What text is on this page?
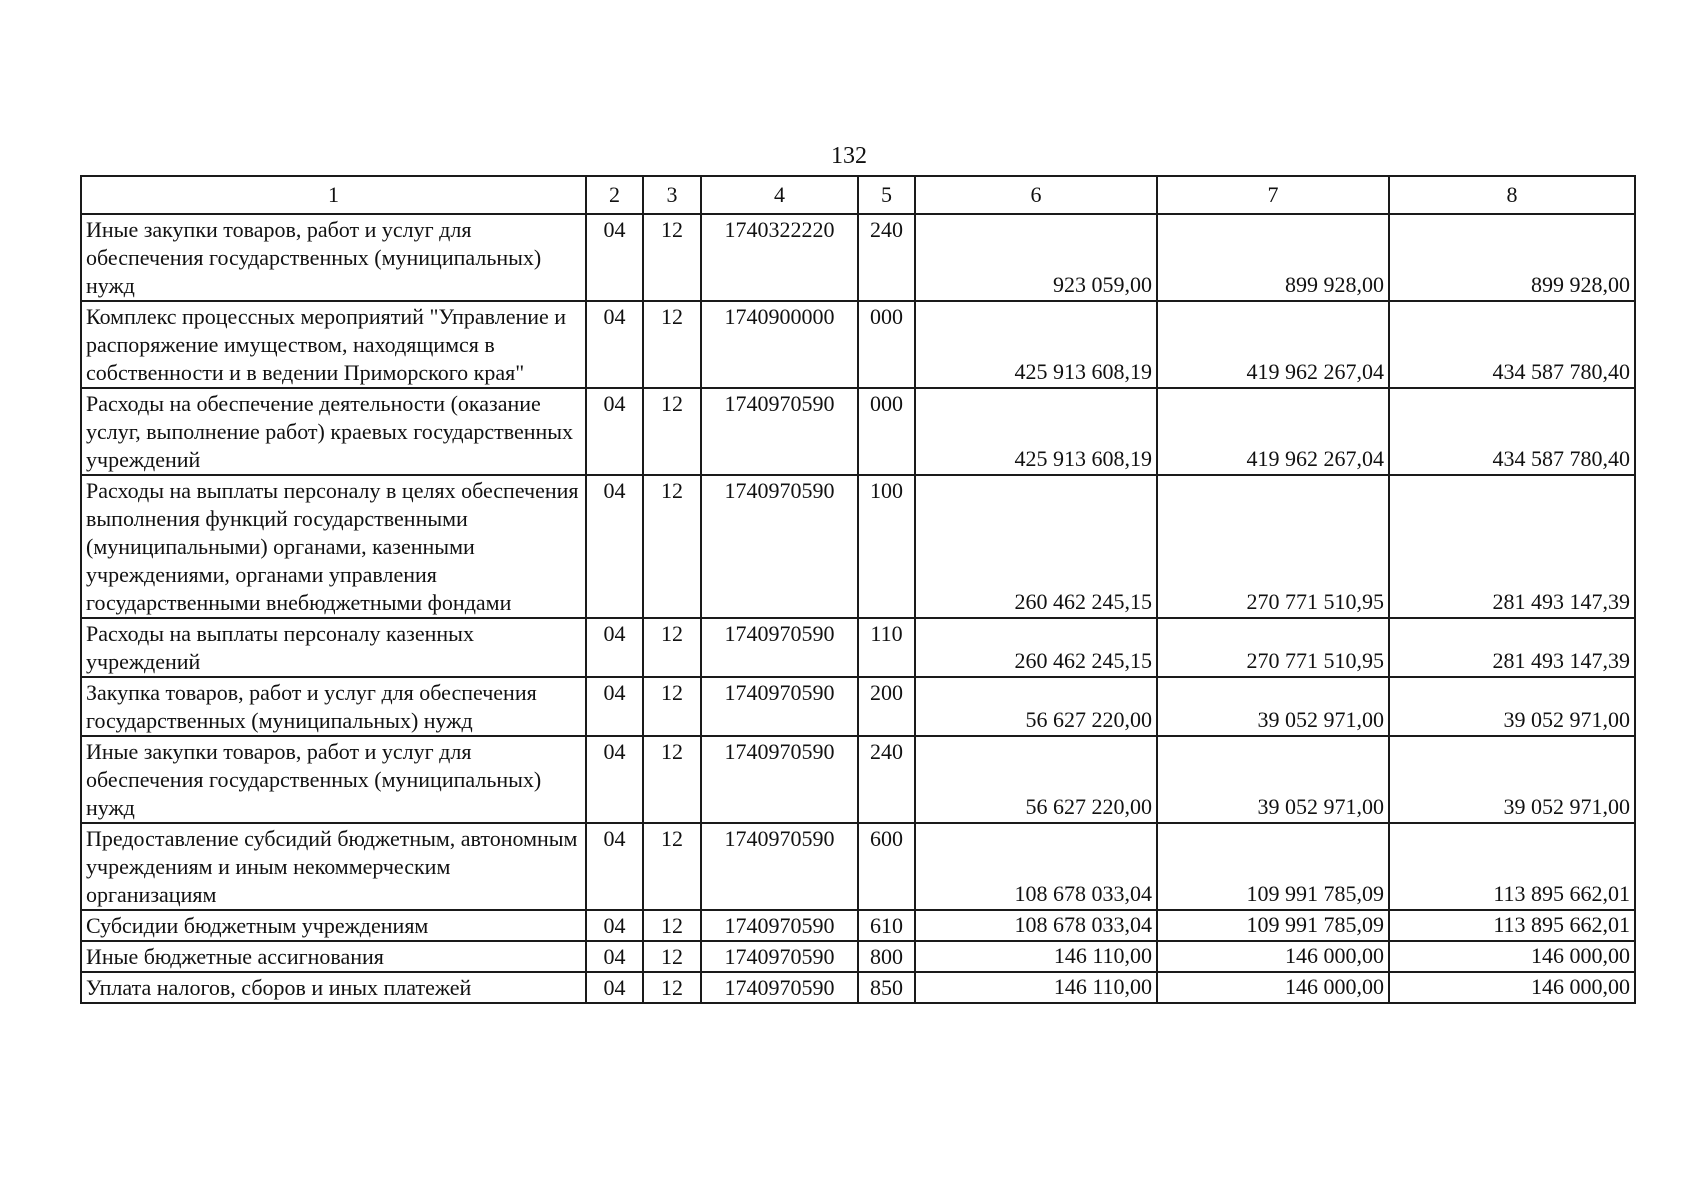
132
1	2	3	4	5	6	7	8
Иные закупки товаров, работ и услуг для обеспечения государственных (муниципальных) нужд	04	12	1740322220	240	923 059,00	899 928,00	899 928,00
Комплекс процессных мероприятий "Управление и распоряжение имуществом, находящимся в собственности и в ведении Приморского края"	04	12	1740900000	000	425 913 608,19	419 962 267,04	434 587 780,40
Расходы на обеспечение деятельности (оказание услуг, выполнение работ) краевых государственных учреждений	04	12	1740970590	000	425 913 608,19	419 962 267,04	434 587 780,40
Расходы на выплаты персоналу в целях обеспечения выполнения функций государственными (муниципальными) органами, казенными учреждениями, органами управления государственными внебюджетными фондами	04	12	1740970590	100	260 462 245,15	270 771 510,95	281 493 147,39
Расходы на выплаты персоналу казенных учреждений	04	12	1740970590	110	260 462 245,15	270 771 510,95	281 493 147,39
Закупка товаров, работ и услуг для обеспечения государственных (муниципальных) нужд	04	12	1740970590	200	56 627 220,00	39 052 971,00	39 052 971,00
Иные закупки товаров, работ и услуг для обеспечения государственных (муниципальных) нужд	04	12	1740970590	240	56 627 220,00	39 052 971,00	39 052 971,00
Предоставление субсидий бюджетным, автономным учреждениям и иным некоммерческим организациям	04	12	1740970590	600	108 678 033,04	109 991 785,09	113 895 662,01
Субсидии бюджетным учреждениям	04	12	1740970590	610	108 678 033,04	109 991 785,09	113 895 662,01
Иные бюджетные ассигнования	04	12	1740970590	800	146 110,00	146 000,00	146 000,00
Уплата налогов, сборов и иных платежей	04	12	1740970590	850	146 110,00	146 000,00	146 000,00
